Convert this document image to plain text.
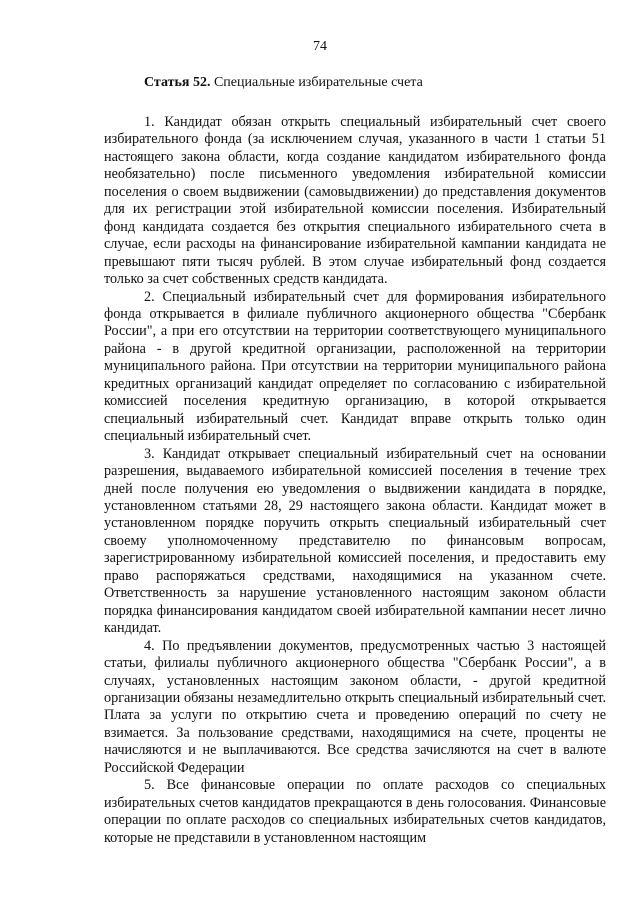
74
Статья 52. Специальные избирательные счета

1. Кандидат обязан открыть специальный избирательный счет своего избирательного фонда (за исключением случая, указанного в части 1 статьи 51 настоящего закона области, когда создание кандидатом избирательного фонда необязательно) после письменного уведомления избирательной комиссии поселения о своем выдвижении (самовыдвижении) до представления документов для их регистрации этой избирательной комиссии поселения. Избирательный фонд кандидата создается без открытия специального избирательного счета в случае, если расходы на финансирование избирательной кампании кандидата не превышают пяти тысяч рублей. В этом случае избирательный фонд создается только за счет собственных средств кандидата.

2. Специальный избирательный счет для формирования избирательного фонда открывается в филиале публичного акционерного общества "Сбербанк России", а при его отсутствии на территории соответствующего муниципального района - в другой кредитной организации, расположенной на территории муниципального района. При отсутствии на территории муниципального района кредитных организаций кандидат определяет по согласованию с избирательной комиссией поселения кредитную организацию, в которой открывается специальный избирательный счет. Кандидат вправе открыть только один специальный избирательный счет.

3. Кандидат открывает специальный избирательный счет на основании разрешения, выдаваемого избирательной комиссией поселения в течение трех дней после получения ею уведомления о выдвижении кандидата в порядке, установленном статьями 28, 29 настоящего закона области. Кандидат может в установленном порядке поручить открыть специальный избирательный счет своему уполномоченному представителю по финансовым вопросам, зарегистрированному избирательной комиссией поселения, и предоставить ему право распоряжаться средствами, находящимися на указанном счете. Ответственность за нарушение установленного настоящим законом области порядка финансирования кандидатом своей избирательной кампании несет лично кандидат.

4. По предъявлении документов, предусмотренных частью 3 настоящей статьи, филиалы публичного акционерного общества "Сбербанк России", а в случаях, установленных настоящим законом области, - другой кредитной организации обязаны незамедлительно открыть специальный избирательный счет. Плата за услуги по открытию счета и проведению операций по счету не взимается. За пользование средствами, находящимися на счете, проценты не начисляются и не выплачиваются. Все средства зачисляются на счет в валюте Российской Федерации

5. Все финансовые операции по оплате расходов со специальных избирательных счетов кандидатов прекращаются в день голосования. Финансовые операции по оплате расходов со специальных избирательных счетов кандидатов, которые не представили в установленном настоящим
